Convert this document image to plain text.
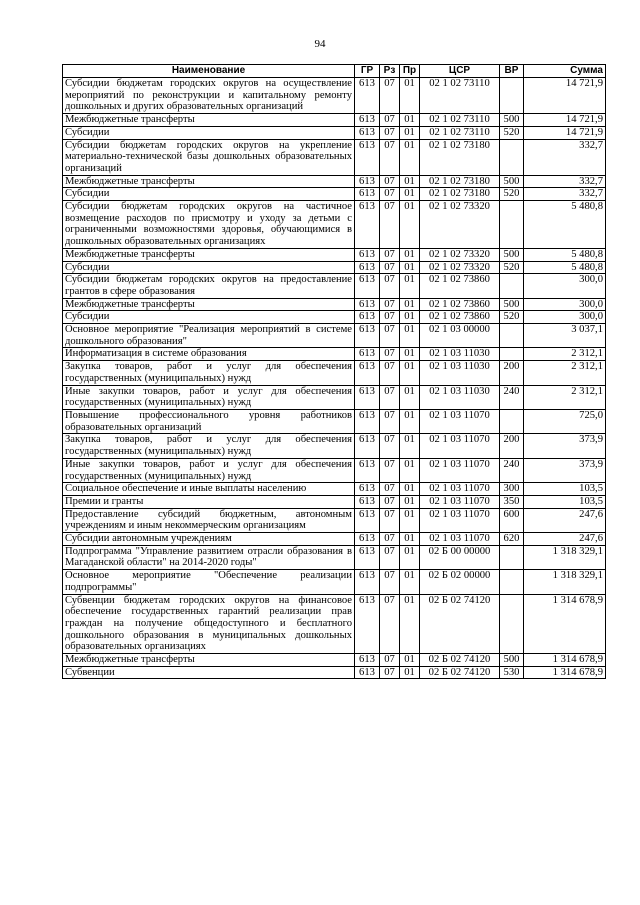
94
Наименование	ГР	Рз	Пр	ЦСР	ВР	Сумма
Субсидии бюджетам городских округов на осуществление мероприятий по реконструкции и капитальному ремонту дошкольных и других образовательных организаций	613	07	01	02 1 02 73110		14 721,9
Межбюджетные трансферты	613	07	01	02 1 02 73110	500	14 721,9
Субсидии	613	07	01	02 1 02 73110	520	14 721,9
Субсидии бюджетам городских округов на укрепление материально-технической базы дошкольных образовательных организаций	613	07	01	02 1 02 73180		332,7
Межбюджетные трансферты	613	07	01	02 1 02 73180	500	332,7
Субсидии	613	07	01	02 1 02 73180	520	332,7
Субсидии бюджетам городских округов на частичное возмещение расходов по присмотру и уходу за детьми с ограниченными возможностями здоровья, обучающимися в дошкольных образовательных организациях	613	07	01	02 1 02 73320		5 480,8
Межбюджетные трансферты	613	07	01	02 1 02 73320	500	5 480,8
Субсидии	613	07	01	02 1 02 73320	520	5 480,8
Субсидии бюджетам городских округов на предоставление грантов в сфере образования	613	07	01	02 1 02 73860		300,0
Межбюджетные трансферты	613	07	01	02 1 02 73860	500	300,0
Субсидии	613	07	01	02 1 02 73860	520	300,0
Основное мероприятие "Реализация мероприятий в системе дошкольного образования"	613	07	01	02 1 03 00000		3 037,1
Информатизация в системе образования	613	07	01	02 1 03 11030		2 312,1
Закупка товаров, работ и услуг для обеспечения государственных (муниципальных) нужд	613	07	01	02 1 03 11030	200	2 312,1
Иные закупки товаров, работ и услуг для обеспечения государственных (муниципальных) нужд	613	07	01	02 1 03 11030	240	2 312,1
Повышение профессионального уровня работников образовательных организаций	613	07	01	02 1 03 11070		725,0
Закупка товаров, работ и услуг для обеспечения государственных (муниципальных) нужд	613	07	01	02 1 03 11070	200	373,9
Иные закупки товаров, работ и услуг для обеспечения государственных (муниципальных) нужд	613	07	01	02 1 03 11070	240	373,9
Социальное обеспечение и иные выплаты населению	613	07	01	02 1 03 11070	300	103,5
Премии и гранты	613	07	01	02 1 03 11070	350	103,5
Предоставление субсидий бюджетным, автономным учреждениям и иным некоммерческим организациям	613	07	01	02 1 03 11070	600	247,6
Субсидии автономным учреждениям	613	07	01	02 1 03 11070	620	247,6
Подпрограмма "Управление развитием отрасли образования в Магаданской области" на 2014-2020 годы"	613	07	01	02 Б 00 00000		1 318 329,1
Основное мероприятие "Обеспечение реализации подпрограммы"	613	07	01	02 Б 02 00000		1 318 329,1
Субвенции бюджетам городских округов на финансовое обеспечение государственных гарантий реализации прав граждан на получение общедоступного и бесплатного дошкольного образования в муниципальных дошкольных образовательных организациях	613	07	01	02 Б 02 74120		1 314 678,9
Межбюджетные трансферты	613	07	01	02 Б 02 74120	500	1 314 678,9
Субвенции	613	07	01	02 Б 02 74120	530	1 314 678,9
